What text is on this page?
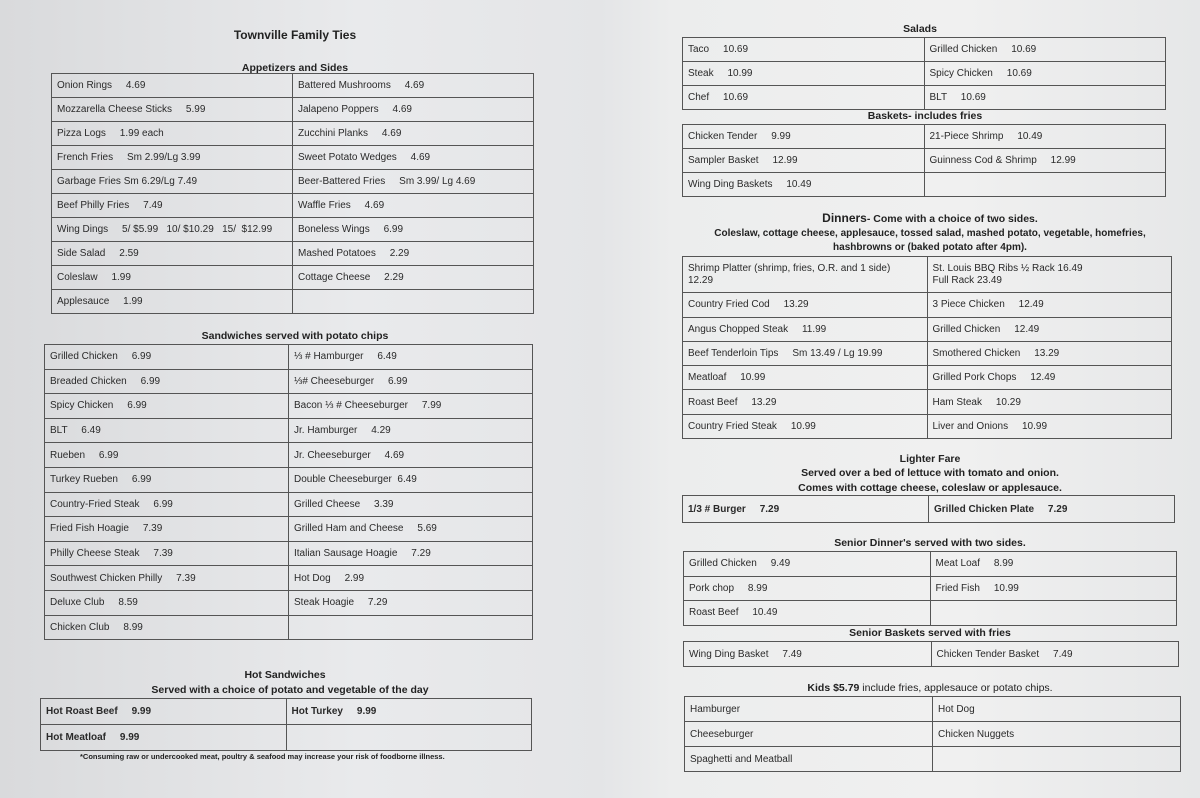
Townville Family Ties
Appetizers and Sides
Onion Rings     4.69	Battered Mushrooms     4.69
Mozzarella Cheese Sticks     5.99	Jalapeno Poppers     4.69
Pizza Logs     1.99 each	Zucchini Planks     4.69
French Fries     Sm 2.99/Lg 3.99	Sweet Potato Wedges     4.69
Garbage Fries Sm 6.29/Lg 7.49	Beer-Battered Fries     Sm 3.99/ Lg 4.69
Beef Philly Fries     7.49	Waffle Fries     4.69
Wing Dings     5/ $5.99   10/ $10.29   15/  $12.99	Boneless Wings     6.99
Side Salad     2.59	Mashed Potatoes     2.29
Coleslaw     1.99	Cottage Cheese     2.29
Applesauce     1.99	
Sandwiches served with potato chips
Grilled Chicken     6.99	⅓ # Hamburger     6.49
Breaded Chicken     6.99	⅓# Cheeseburger     6.99
Spicy Chicken     6.99	Bacon ⅓ # Cheeseburger     7.99
BLT     6.49	Jr. Hamburger     4.29
Rueben     6.99	Jr. Cheeseburger     4.69
Turkey Rueben     6.99	Double Cheeseburger  6.49
Country-Fried Steak     6.99	Grilled Cheese     3.39
Fried Fish Hoagie     7.39	Grilled Ham and Cheese     5.69
Philly Cheese Steak     7.39	Italian Sausage Hoagie     7.29
Southwest Chicken Philly     7.39	Hot Dog     2.99
Deluxe Club     8.59	Steak Hoagie     7.29
Chicken Club     8.99	
Hot Sandwiches
Served with a choice of potato and vegetable of the day
Hot Roast Beef     9.99	Hot Turkey     9.99
Hot Meatloaf     9.99	
*Consuming raw or undercooked meat, poultry & seafood may increase your risk of foodborne illness.
Salads
Taco     10.69	Grilled Chicken     10.69
Steak     10.99	Spicy Chicken     10.69
Chef     10.69	BLT     10.69
Baskets- includes fries
Chicken Tender     9.99	21-Piece Shrimp     10.49
Sampler Basket     12.99	Guinness Cod & Shrimp     12.99
Wing Ding Baskets     10.49	
Dinners- Come with a choice of two sides.
Coleslaw, cottage cheese, applesauce, tossed salad, mashed potato, vegetable, homefries,
hashbrowns or (baked potato after 4pm).
Shrimp Platter (shrimp, fries, O.R. and 1 side)
12.29	St. Louis BBQ Ribs ½ Rack 16.49
Full Rack 23.49
Country Fried Cod     13.29	3 Piece Chicken     12.49
Angus Chopped Steak     11.99	Grilled Chicken     12.49
Beef Tenderloin Tips     Sm 13.49 / Lg 19.99	Smothered Chicken     13.29
Meatloaf     10.99	Grilled Pork Chops     12.49
Roast Beef     13.29	Ham Steak     10.29
Country Fried Steak     10.99	Liver and Onions     10.99
Lighter Fare
Served over a bed of lettuce with tomato and onion.
Comes with cottage cheese, coleslaw or applesauce.
1/3 # Burger     7.29	Grilled Chicken Plate     7.29
Senior Dinner's served with two sides.
Grilled Chicken     9.49	Meat Loaf     8.99
Pork chop     8.99	Fried Fish     10.99
Roast Beef     10.49	
Senior Baskets served with fries
Wing Ding Basket     7.49	Chicken Tender Basket     7.49
Kids $5.79 include fries, applesauce or potato chips.
Hamburger	Hot Dog
Cheeseburger	Chicken Nuggets
Spaghetti and Meatball	
